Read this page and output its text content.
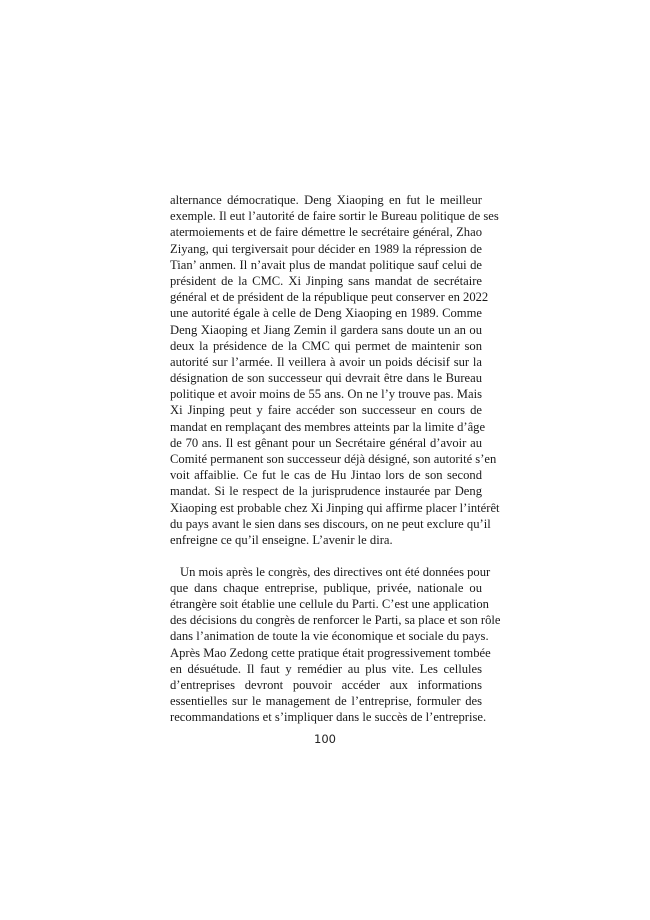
alternance démocratique. Deng Xiaoping en fut le meilleur
exemple. Il eut l’autorité de faire sortir le Bureau politique de ses
atermoiements et de faire démettre le secrétaire général, Zhao
Ziyang, qui tergiversait pour décider en 1989 la répression de
Tian’ anmen. Il n’avait plus de mandat politique sauf celui de
président de la CMC. Xi Jinping sans mandat de secrétaire
général et de président de la république peut conserver en 2022
une autorité égale à celle de Deng Xiaoping en 1989. Comme
Deng Xiaoping et Jiang Zemin il gardera sans doute un an ou
deux la présidence de la CMC qui permet de maintenir son
autorité sur l’armée. Il veillera à avoir un poids décisif sur la
désignation de son successeur qui devrait être dans le Bureau
politique et avoir moins de 55 ans. On ne l’y trouve pas. Mais
Xi Jinping peut y faire accéder son successeur en cours de
mandat en remplaçant des membres atteints par la limite d’âge
de 70 ans. Il est gênant pour un Secrétaire général d’avoir au
Comité permanent son successeur déjà désigné, son autorité s’en
voit affaiblie. Ce fut le cas de Hu Jintao lors de son second
mandat. Si le respect de la jurisprudence instaurée par Deng
Xiaoping est probable chez Xi Jinping qui affirme placer l’intérêt
du pays avant le sien dans ses discours, on ne peut exclure qu’il
enfreigne ce qu’il enseigne. L’avenir le dira.
Un mois après le congrès, des directives ont été données pour
que dans chaque entreprise, publique, privée, nationale ou
étrangère soit établie une cellule du Parti. C’est une application
des décisions du congrès de renforcer le Parti, sa place et son rôle
dans l’animation de toute la vie économique et sociale du pays.
Après Mao Zedong cette pratique était progressivement tombée
en désuétude. Il faut y remédier au plus vite. Les cellules
d’entreprises devront pouvoir accéder aux informations
essentielles sur le management de l’entreprise, formuler des
recommandations et s’impliquer dans le succès de l’entreprise.
100
